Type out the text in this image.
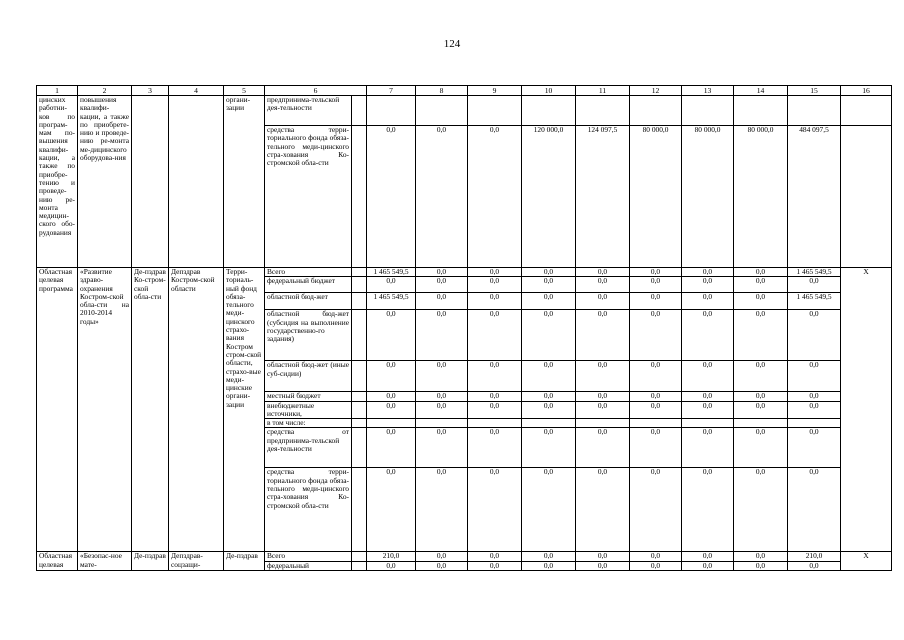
124
1	2	3	4	5	6		7	8	9	10	11	12	13	14	15	16
цинских работни-ков по програм-мам по-вышения квалифи-кации, а также по приобре-тению и проведе-нию ре-монта медицин-ского обо-рудования	повышения квалифи-кации, а также по приобрете-нию и проведе-нию ре-монта ме-дицинского оборудова-ния			органи-зации	предпринима-тельской дея-тельности											
					средства терри-ториального фонда обяза-тельного меди-цинского стра-хования Ко-стромской обла-сти		0,0	0,0	0,0	120 000,0	124 097,5	80 000,0	80 000,0	80 000,0	484 097,5	
Областная целевая программа	«Развитие здраво-охранения Костром-ской обла-сти на 2010-2014 годы»	Де-пздрав Ко-стром-ской обла-сти	Депздрав Костром-ской области	Терри-ториаль-ный фонд обяза-тельного меди-цинского страхо-вания Костром стром-ской области, страхо-вые меди-цинские органи-зации	Всего		1 465 549,5	0,0	0,0	0,0	0,0	0,0	0,0	0,0	1 465 549,5	Х
					федеральный бюджет		0,0	0,0	0,0	0,0	0,0	0,0	0,0	0,0	0,0	
					областной бюд-жет		1 465 549,5	0,0	0,0	0,0	0,0	0,0	0,0	0,0	1 465 549,5	
					областной бюд-жет (субсидия на выполнение государственно-го задания)		0,0	0,0	0,0	0,0	0,0	0,0	0,0	0,0	0,0	
					областной бюд-жет (иные суб-сидии)		0,0	0,0	0,0	0,0	0,0	0,0	0,0	0,0	0,0	
					местный бюджет		0,0	0,0	0,0	0,0	0,0	0,0	0,0	0,0	0,0	
					внебюджетные источники,		0,0	0,0	0,0	0,0	0,0	0,0	0,0	0,0	0,0	
					в том числе:											
					средства от предпринима-тельской дея-тельности		0,0	0,0	0,0	0,0	0,0	0,0	0,0	0,0	0,0	
					средства терри-ториального фонда обяза-тельного меди-цинского стра-хования Ко-стромской обла-сти		0,0	0,0	0,0	0,0	0,0	0,0	0,0	0,0	0,0	
Областная целевая	«Безопас-ное мате-	Де-пздрав	Депздрав-соцзащи-	Де-пздрав	Всего		210,0	0,0	0,0	0,0	0,0	0,0	0,0	0,0	210,0	Х
					федеральный		0,0	0,0	0,0	0,0	0,0	0,0	0,0	0,0	0,0	
